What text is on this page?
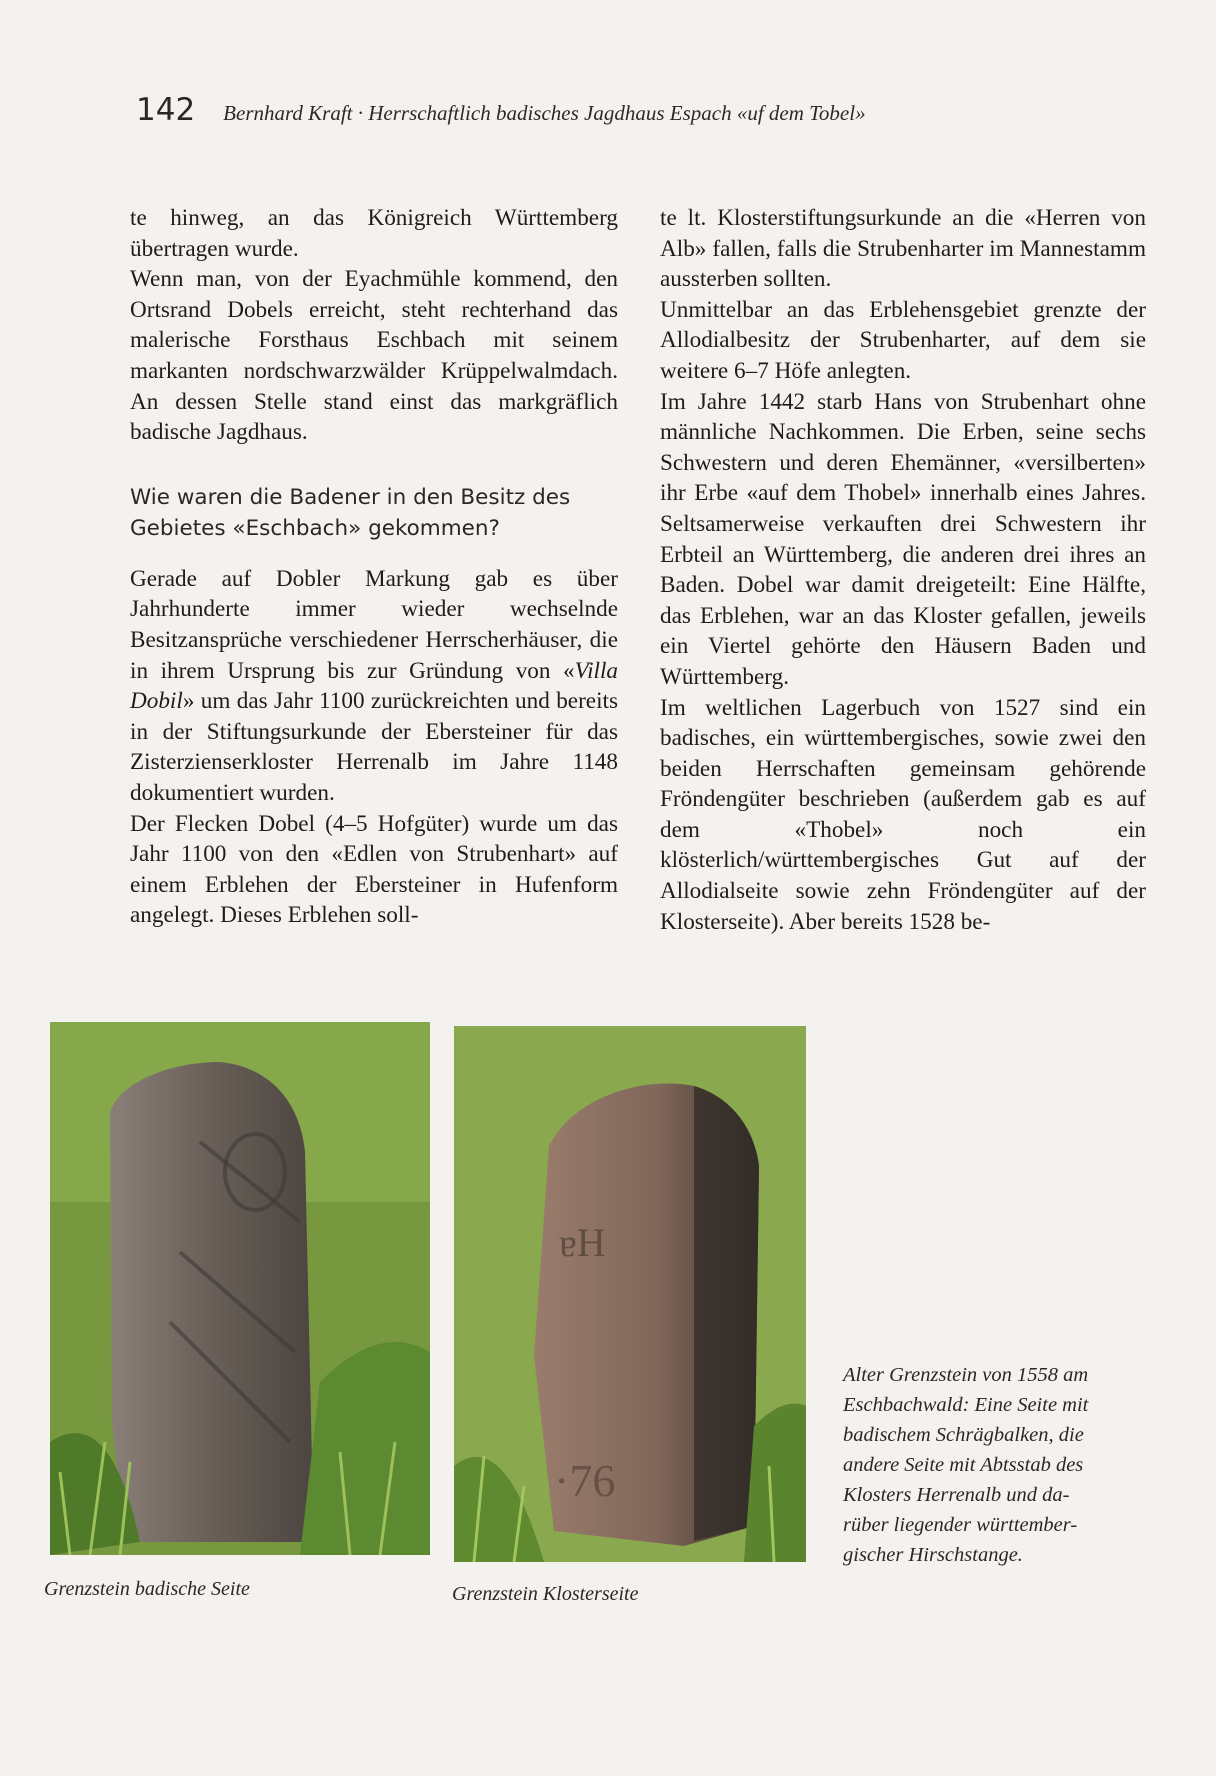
142 Bernhard Kraft · Herrschaftlich badisches Jagdhaus Espach «uf dem Tobel»

te hinweg, an das Königreich Württemberg übertragen wurde.

Wenn man, von der Eyachmühle kommend, den Ortsrand Dobels erreicht, steht rechterhand das malerische Forsthaus Eschbach mit seinem markanten nordschwarzwälder Krüppelwalmdach. An dessen Stelle stand einst das markgräflich badische Jagdhaus.

Wie waren die Badener in den Besitz des Gebietes «Eschbach» gekommen?

Gerade auf Dobler Markung gab es über Jahrhunderte immer wieder wechselnde Besitzansprüche verschiedener Herrscherhäuser, die in ihrem Ursprung bis zur Gründung von «Villa Dobil» um das Jahr 1100 zurückreichten und bereits in der Stiftungsurkunde der Ebersteiner für das Zisterzienserkloster Herrenalb im Jahre 1148 dokumentiert wurden.

Der Flecken Dobel (4–5 Hofgüter) wurde um das Jahr 1100 von den «Edlen von Strubenhart» auf einem Erblehen der Ebersteiner in Hufenform angelegt. Dieses Erblehen soll-

te lt. Klosterstiftungsurkunde an die «Herren von Alb» fallen, falls die Strubenharter im Mannestamm aussterben sollten.

Unmittelbar an das Erblehensgebiet grenzte der Allodialbesitz der Strubenharter, auf dem sie weitere 6–7 Höfe anlegten.

Im Jahre 1442 starb Hans von Strubenhart ohne männliche Nachkommen. Die Erben, seine sechs Schwestern und deren Ehemänner, «versilberten» ihr Erbe «auf dem Thobel» innerhalb eines Jahres. Seltsamerweise verkauften drei Schwestern ihr Erbteil an Württemberg, die anderen drei ihres an Baden. Dobel war damit dreigeteilt: Eine Hälfte, das Erblehen, war an das Kloster gefallen, jeweils ein Viertel gehörte den Häusern Baden und Württemberg.

Im weltlichen Lagerbuch von 1527 sind ein badisches, ein württembergisches, sowie zwei den beiden Herrschaften gemeinsam gehörende Fröndengüter beschrieben (außerdem gab es auf dem «Thobel» noch ein klösterlich/württembergisches Gut auf der Allodialseite sowie zehn Fröndengüter auf der Klosterseite). Aber bereits 1528 be-

ɐH
·76
Grenzstein badische Seite	Grenzstein Klosterseite
Alter Grenzstein von 1558 am
Eschbachwald: Eine Seite mit
badischem Schrägbalken, die
andere Seite mit Abtsstab des
Klosters Herrenalb und da-
rüber liegender württember-
gischer Hirschstange.
